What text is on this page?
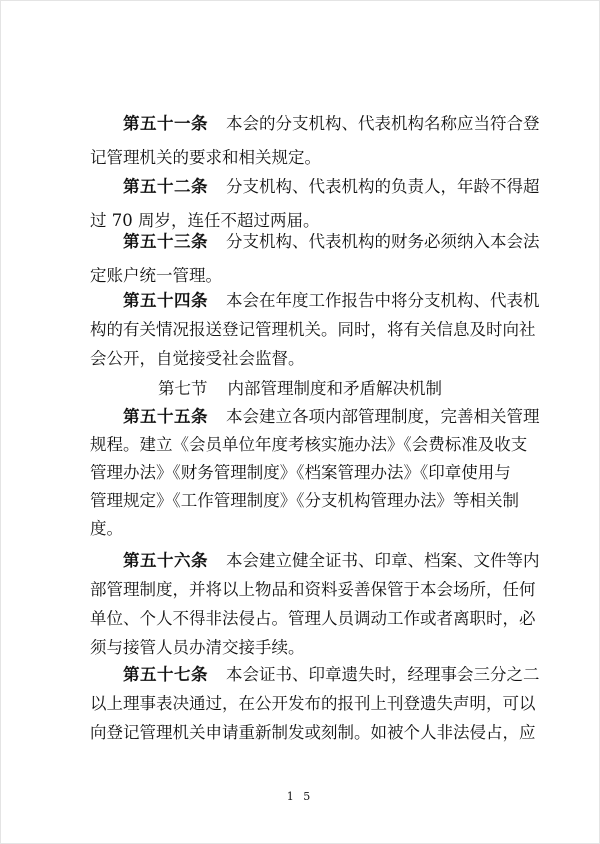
第五十一条 本会的分支机构、代表机构名称应当符合登
记管理机关的要求和相关规定。
第五十二条 分支机构、代表机构的负责人，年龄不得超
过 70 周岁，连任不超过两届。
第五十三条 分支机构、代表机构的财务必须纳入本会法
定账户统一管理。
第五十四条 本会在年度工作报告中将分支机构、代表机
构的有关情况报送登记管理机关。同时，将有关信息及时向社
会公开，自觉接受社会监督。
第七节 内部管理制度和矛盾解决机制
第五十五条 本会建立各项内部管理制度，完善相关管理
规程。建立《会员单位年度考核实施办法》《会费标准及收支
管理办法》《财务管理制度》《档案管理办法》《印章使用与
管理规定》《工作管理制度》《分支机构管理办法》等相关制
度。
第五十六条 本会建立健全证书、印章、档案、文件等内
部管理制度，并将以上物品和资料妥善保管于本会场所，任何
单位、个人不得非法侵占。管理人员调动工作或者离职时，必
须与接管人员办清交接手续。
第五十七条 本会证书、印章遗失时，经理事会三分之二
以上理事表决通过，在公开发布的报刊上刊登遗失声明，可以
向登记管理机关申请重新制发或刻制。如被个人非法侵占，应
1 5
